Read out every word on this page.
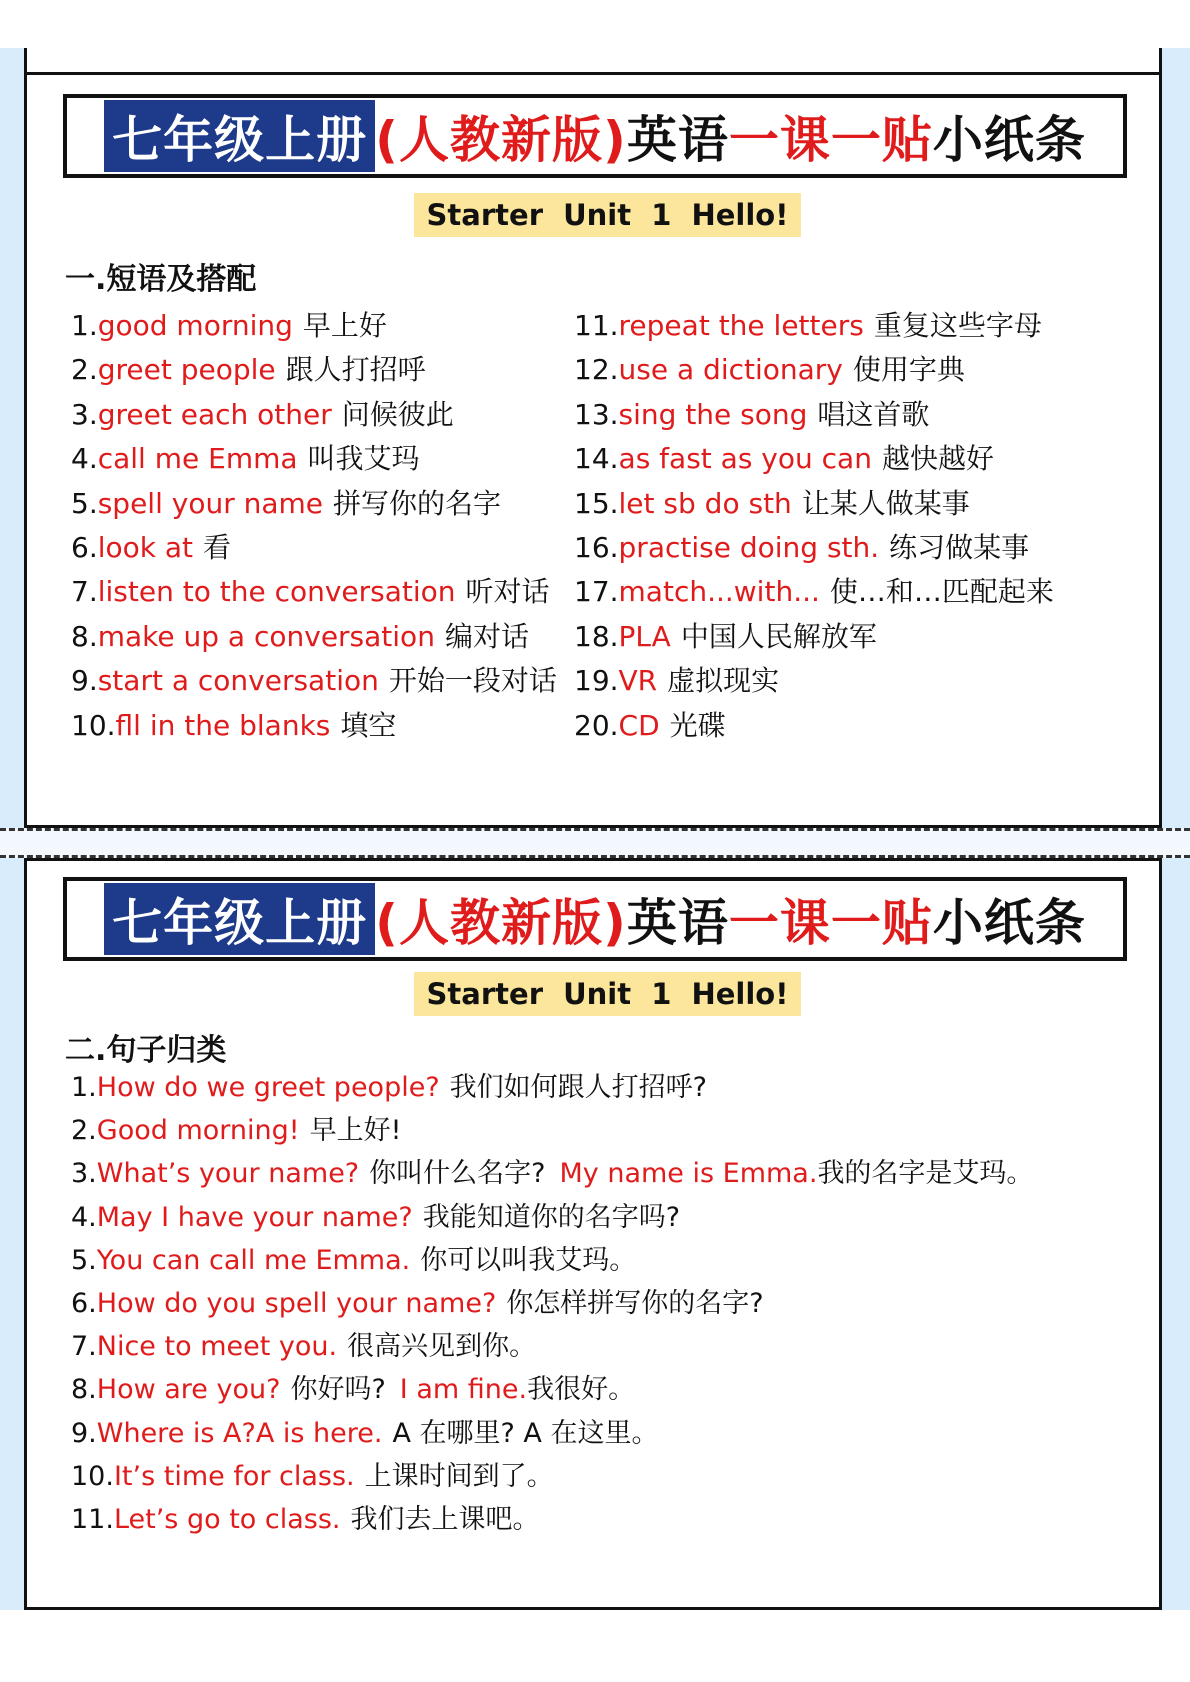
七年级上册 (人教新版) 英语 一课一贴 小纸条
Starter Unit 1 Hello!
一.短语及搭配
1.good morning 早上好
2.greet people 跟人打招呼
3.greet each other 问候彼此
4.call me Emma 叫我艾玛
5.spell your name 拼写你的名字
6.look at 看
7.listen to the conversation 听对话
8.make up a conversation 编对话
9.start a conversation 开始一段对话
10.fll in the blanks 填空
11.repeat the letters 重复这些字母
12.use a dictionary 使用字典
13.sing the song 唱这首歌
14.as fast as you can 越快越好
15.let sb do sth 让某人做某事
16.practise doing sth. 练习做某事
17.match...with... 使…和…匹配起来
18.PLA 中国人民解放军
19.VR 虚拟现实
20.CD 光碟
七年级上册 (人教新版) 英语 一课一贴 小纸条
Starter Unit 1 Hello!
二.句子归类
1.How do we greet people? 我们如何跟人打招呼?
2.Good morning! 早上好!
3.What’s your name? 你叫什么名字? My name is Emma.我的名字是艾玛。
4.May I have your name? 我能知道你的名字吗?
5.You can call me Emma. 你可以叫我艾玛。
6.How do you spell your name? 你怎样拼写你的名字?
7.Nice to meet you. 很高兴见到你。
8.How are you? 你好吗? I am fine.我很好。
9.Where is A?A is here. A 在哪里? A 在这里。
10.It’s time for class. 上课时间到了。
11.Let’s go to class. 我们去上课吧。
